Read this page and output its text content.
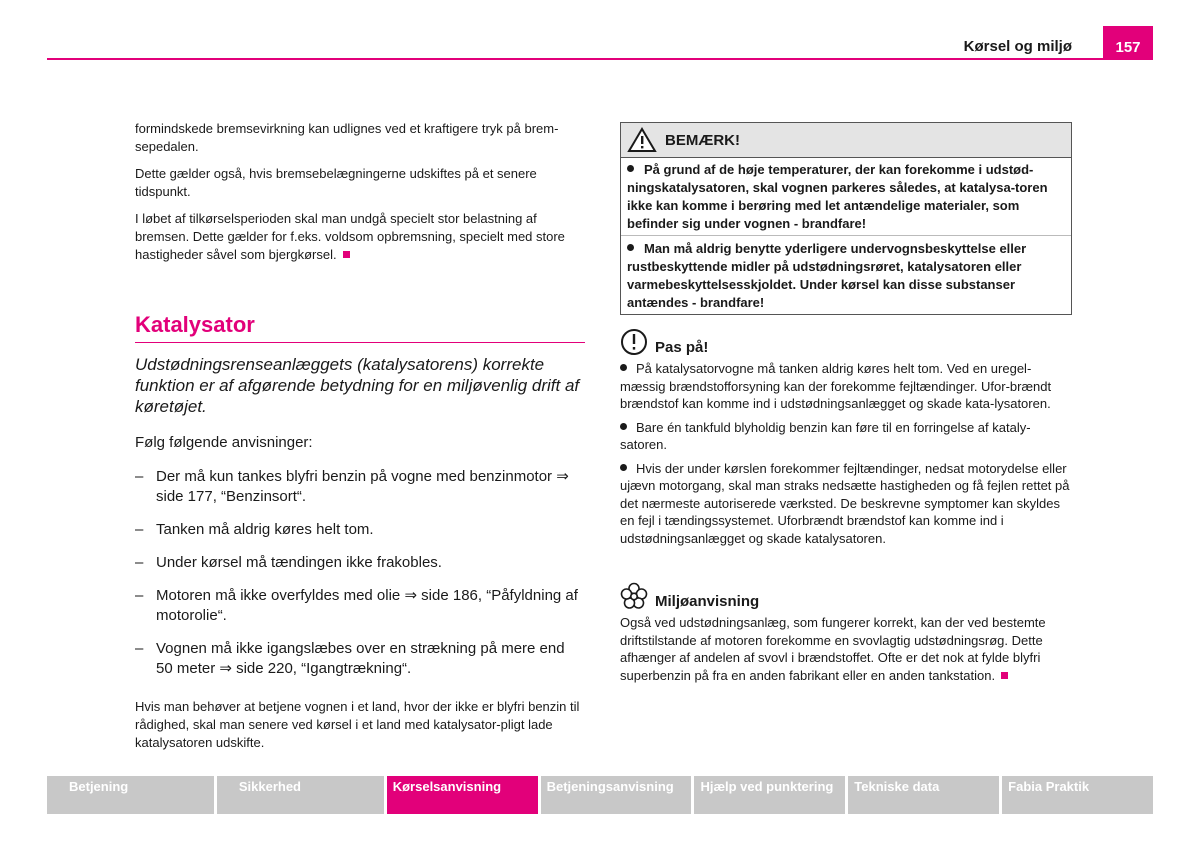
157
Kørsel og miljø

formindskede bremsevirkning kan udlignes ved et kraftigere tryk på brem-sepedalen.

Dette gælder også, hvis bremsebelægningerne udskiftes på et senere tidspunkt.

I løbet af tilkørselsperioden skal man undgå specielt stor belastning af bremsen. Dette gælder for f.eks. voldsom opbremsning, specielt med store hastigheder såvel som bjergkørsel.

Katalysator
Udstødningsrenseanlæggets (katalysatorens) korrekte funktion er af afgørende betydning for en miljøvenlig drift af køretøjet.
Følg følgende anvisninger:
– Der må kun tankes blyfri benzin på vogne med benzinmotor ⇒ side 177, “Benzinsort“.
– Tanken må aldrig køres helt tom.
– Under kørsel må tændingen ikke frakobles.
– Motoren må ikke overfyldes med olie ⇒ side 186, “Påfyldning af motorolie“.
– Vognen må ikke igangslæbes over en strækning på mere end 50 meter ⇒ side 220, “Igangtrækning“.
Hvis man behøver at betjene vognen i et land, hvor der ikke er blyfri benzin til rådighed, skal man senere ved kørsel i et land med katalysator-pligt lade katalysatoren udskifte.
BEMÆRK!
På grund af de høje temperaturer, der kan forekomme i udstød-ningskatalysatoren, skal vognen parkeres således, at katalysa-toren ikke kan komme i berøring med let antændelige materialer, som befinder sig under vognen - brandfare!
Man må aldrig benytte yderligere undervognsbeskyttelse eller rustbeskyttende midler på udstødningsrøret, katalysatoren eller varmebeskyttelsesskjoldet. Under kørsel kan disse substanser antændes - brandfare!
Pas på!

På katalysatorvogne må tanken aldrig køres helt tom. Ved en uregel-mæssig brændstofforsyning kan der forekomme fejltændinger. Ufor-brændt brændstof kan komme ind i udstødningsanlægget og skade kata-lysatoren.

Bare én tankfuld blyholdig benzin kan føre til en forringelse af kataly-satoren.

Hvis der under kørslen forekommer fejltændinger, nedsat motorydelse eller ujævn motorgang, skal man straks nedsætte hastigheden og få fejlen rettet på det nærmeste autoriserede værksted. De beskrevne symptomer kan skyldes en fejl i tændingssystemet. Uforbrændt brændstof kan komme ind i udstødningsanlægget og skade katalysatoren.

Miljøanvisning

Også ved udstødningsanlæg, som fungerer korrekt, kan der ved bestemte driftstilstande af motoren forekomme en svovlagtig udstødningsrøg. Dette afhænger af andelen af svovl i brændstoffet. Ofte er det nok at fylde blyfri superbenzin på fra en anden fabrikant eller en anden tankstation.

Betjening	Sikkerhed	Kørselsanvisning	Betjeningsanvisning	Hjælp ved punktering	Tekniske data	Fabia Praktik
